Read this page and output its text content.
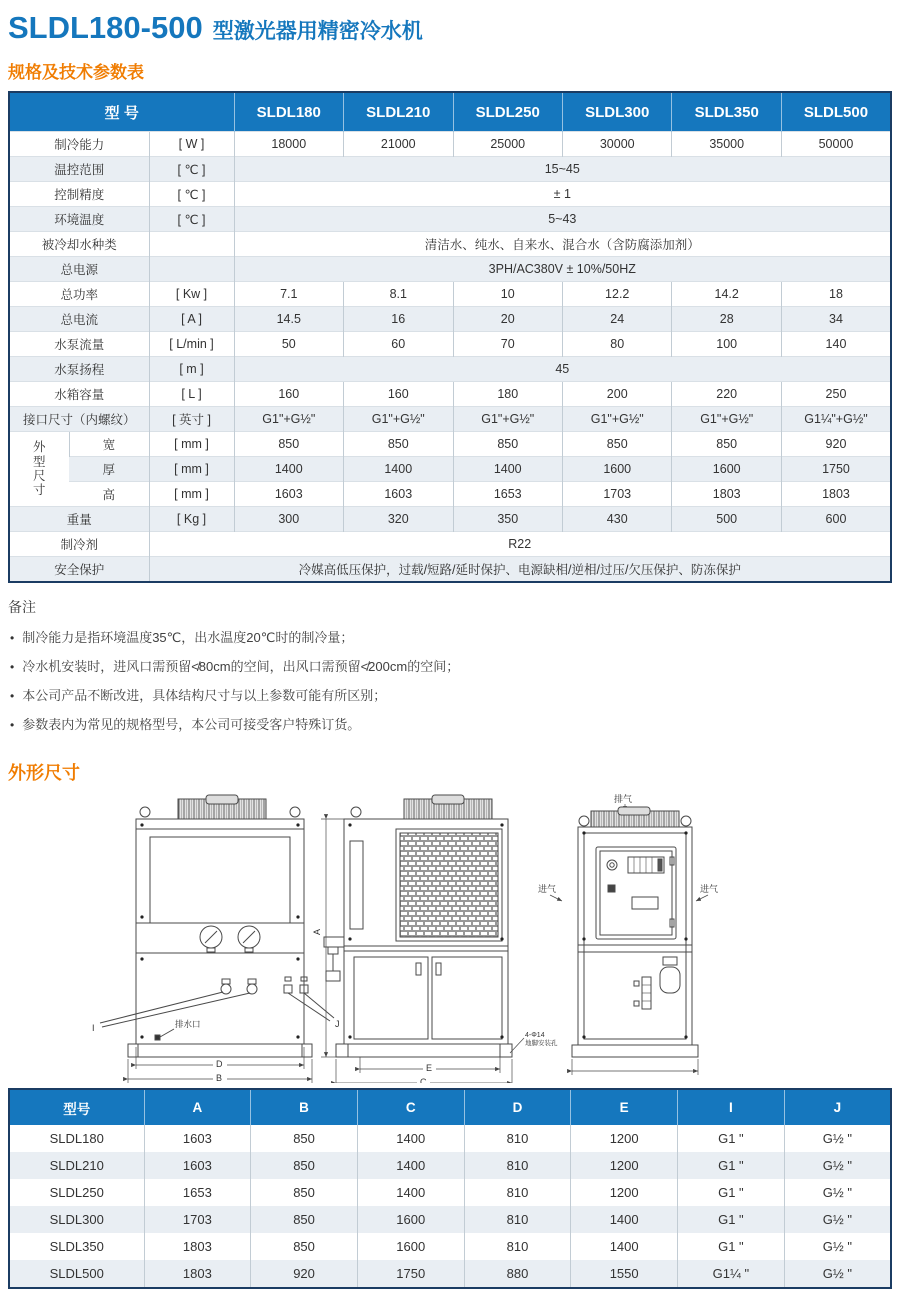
SLDL180-500 型激光器用精密冷水机
规格及技术参数表
型 号			SLDL180	SLDL210	SLDL250	SLDL300	SLDL350	SLDL500
制冷能力		[ W ]	18000	21000	25000	30000	35000	50000
温控范围		[ ℃ ]	15~45					
控制精度		[ ℃ ]	± 1					
环境温度		[ ℃ ]	5~43					
被冷却水种类			清洁水、纯水、自来水、混合水（含防腐添加剂）					
总电源			3PH/AC380V ± 10%/50HZ					
总功率		[ Kw ]	7.1	8.1	10	12.2	14.2	18
总电流		[ A ]	14.5	16	20	24	28	34
水泵流量		[ L/min ]	50	60	70	80	100	140
水泵扬程		[ m ]	45					
水箱容量		[ L ]	160	160	180	200	220	250
接口尺寸（内螺纹）		[ 英寸 ]	G1"+G½"	G1"+G½"	G1"+G½"	G1"+G½"	G1"+G½"	G1¼"+G½"

外
型
尺
寸	宽	[ mm ]	850	850	850	850	850	920
	厚	[ mm ]	1400	1400	1400	1600	1600	1750
	高	[ mm ]	1603	1603	1653	1703	1803	1803
重量		[ Kg ]	300	320	350	430	500	600
制冷剂		R22						
安全保护		冷媒高低压保护，过载/短路/延时保护、电源缺相/逆相/过压/欠压保护、防冻保护						
备注
• 制冷能力是指环境温度35℃，出水温度20℃时的制冷量；
• 冷水机安装时，进风口需预留≮80cm的空间，出风口需预留≮200cm的空间；
• 本公司产品不断改进，具体结构尺寸与以上参数可能有所区别；
• 参数表内为常见的规格型号，本公司可接受客户特殊订货。
外形尺寸
I	J
排水口
D
B
A
E
C
4-Φ14
地脚安装孔
排气
进气	进气
型号	A	B	C	D	E	I	J
SLDL180	1603	850	1400	810	1200	G1 "	G½ "
SLDL210	1603	850	1400	810	1200	G1 "	G½ "
SLDL250	1653	850	1400	810	1200	G1 "	G½ "
SLDL300	1703	850	1600	810	1400	G1 "	G½ "
SLDL350	1803	850	1600	810	1400	G1 "	G½ "
SLDL500	1803	920	1750	880	1550	G1¼ "	G½ "
